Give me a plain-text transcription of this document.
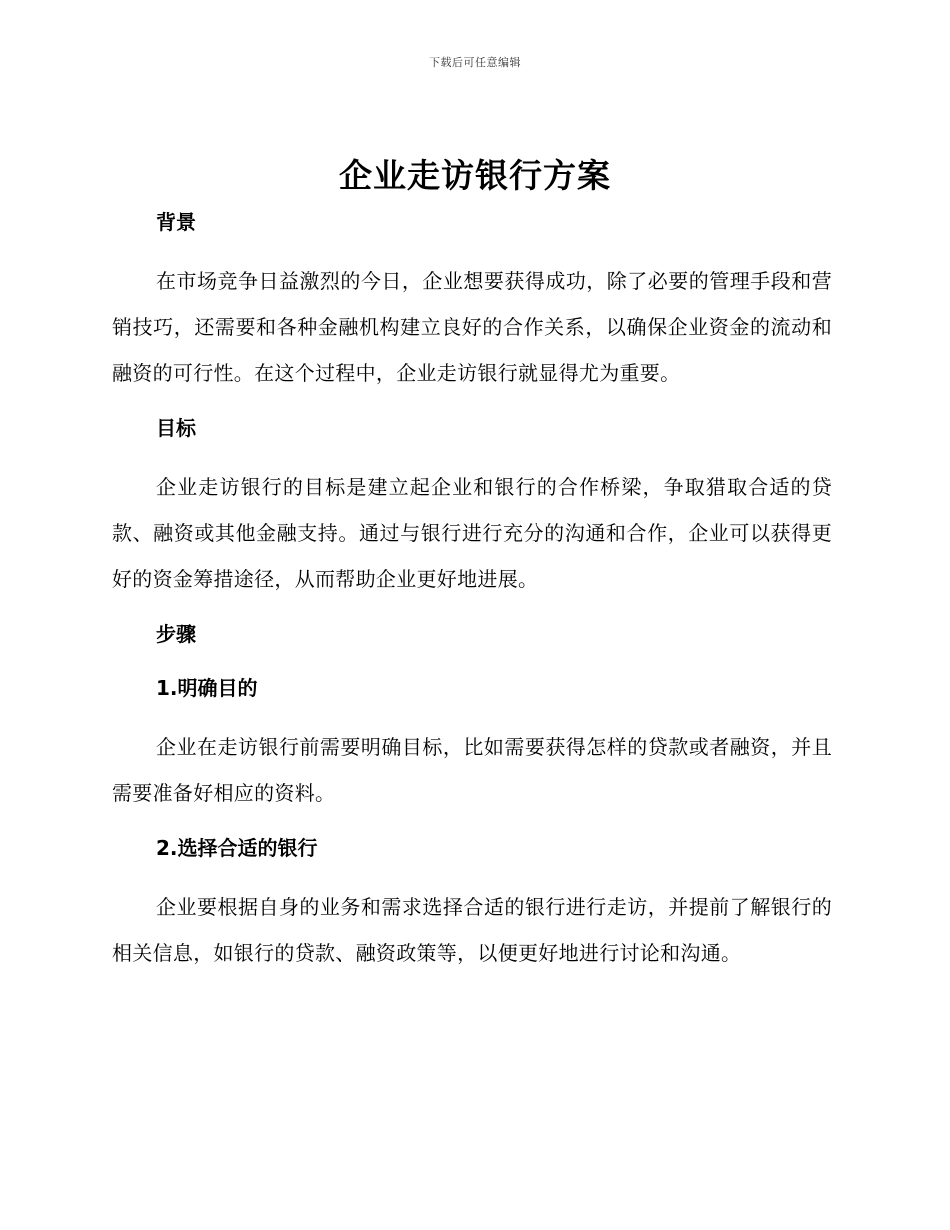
下载后可任意编辑
企业走访银行方案
背景

在市场竞争日益激烈的今日，企业想要获得成功，除了必要的管理手段和营销技巧，还需要和各种金融机构建立良好的合作关系，以确保企业资金的流动和融资的可行性。在这个过程中，企业走访银行就显得尤为重要。

目标

企业走访银行的目标是建立起企业和银行的合作桥梁，争取猎取合适的贷款、融资或其他金融支持。通过与银行进行充分的沟通和合作，企业可以获得更好的资金筹措途径，从而帮助企业更好地进展。

步骤
1.明确目的

企业在走访银行前需要明确目标，比如需要获得怎样的贷款或者融资，并且需要准备好相应的资料。

2.选择合适的银行

企业要根据自身的业务和需求选择合适的银行进行走访，并提前了解银行的相关信息，如银行的贷款、融资政策等，以便更好地进行讨论和沟通。
